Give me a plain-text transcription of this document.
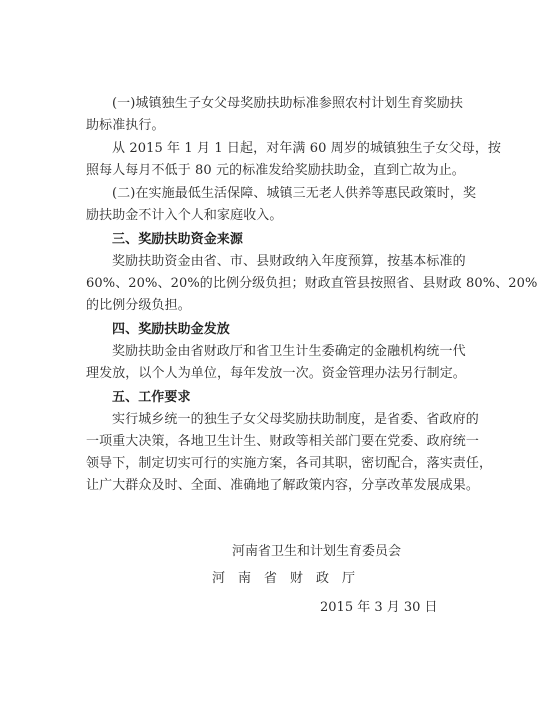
(一)城镇独生子女父母奖励扶助标准参照农村计划生育奖励扶
助标准执行。
从 2015 年 1 月 1 日起，对年满 60 周岁的城镇独生子女父母，按
照每人每月不低于 80 元的标准发给奖励扶助金，直到亡故为止。
(二)在实施最低生活保障、城镇三无老人供养等惠民政策时，奖
励扶助金不计入个人和家庭收入。
三、奖励扶助资金来源
奖励扶助资金由省、市、县财政纳入年度预算，按基本标准的
60%、20%、20%的比例分级负担；财政直管县按照省、县财政 80%、20%
的比例分级负担。
四、奖励扶助金发放
奖励扶助金由省财政厅和省卫生计生委确定的金融机构统一代
理发放，以个人为单位，每年发放一次。资金管理办法另行制定。
五、工作要求
实行城乡统一的独生子女父母奖励扶助制度，是省委、省政府的
一项重大决策，各地卫生计生、财政等相关部门要在党委、政府统一
领导下，制定切实可行的实施方案，各司其职，密切配合，落实责任，
让广大群众及时、全面、准确地了解政策内容，分享改革发展成果。
河南省卫生和计划生育委员会
河　南　省　财　政　厅
2015 年 3 月 30 日
